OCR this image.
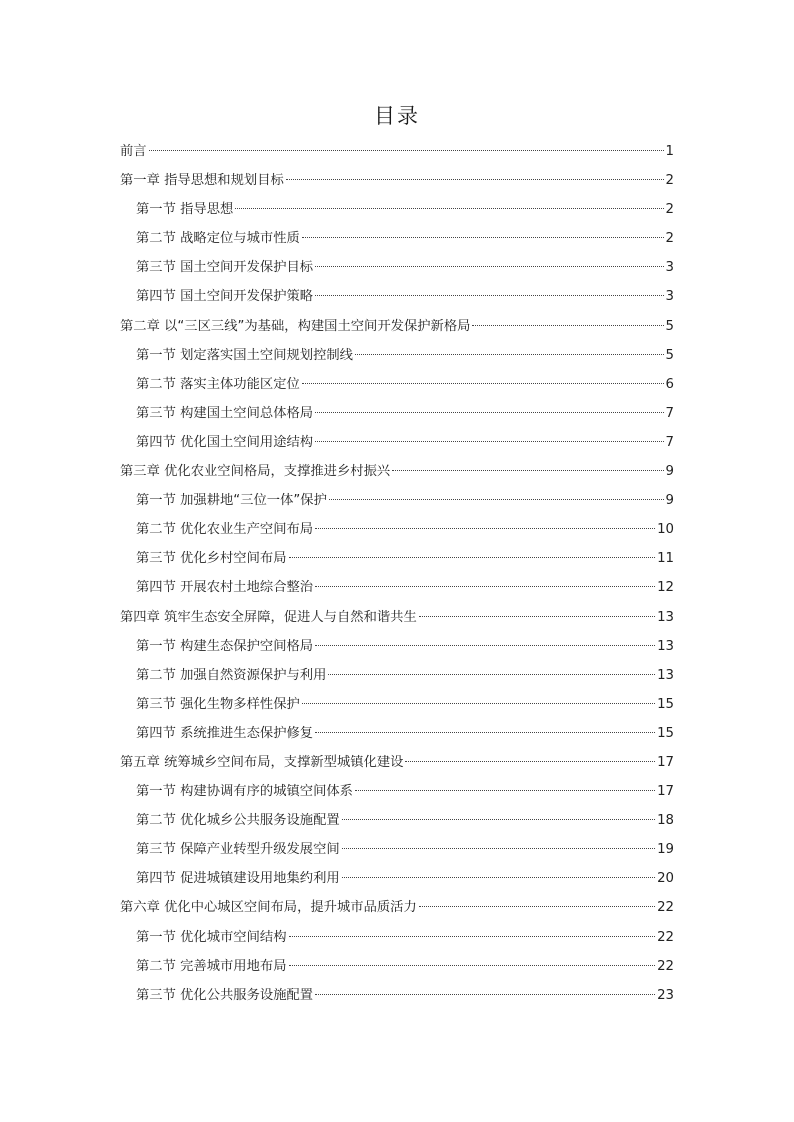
目录
前言	1
第一章 指导思想和规划目标	2
第一节 指导思想	2
第二节 战略定位与城市性质	2
第三节 国土空间开发保护目标	3
第四节 国土空间开发保护策略	3
第二章 以“三区三线”为基础，构建国土空间开发保护新格局	5
第一节 划定落实国土空间规划控制线	5
第二节 落实主体功能区定位	6
第三节 构建国土空间总体格局	7
第四节 优化国土空间用途结构	7
第三章 优化农业空间格局，支撑推进乡村振兴	9
第一节 加强耕地“三位一体”保护	9
第二节 优化农业生产空间布局	10
第三节 优化乡村空间布局	11
第四节 开展农村土地综合整治	12
第四章 筑牢生态安全屏障，促进人与自然和谐共生	13
第一节 构建生态保护空间格局	13
第二节 加强自然资源保护与利用	13
第三节 强化生物多样性保护	15
第四节 系统推进生态保护修复	15
第五章 统筹城乡空间布局，支撑新型城镇化建设	17
第一节 构建协调有序的城镇空间体系	17
第二节 优化城乡公共服务设施配置	18
第三节 保障产业转型升级发展空间	19
第四节 促进城镇建设用地集约利用	20
第六章 优化中心城区空间布局，提升城市品质活力	22
第一节 优化城市空间结构	22
第二节 完善城市用地布局	22
第三节 优化公共服务设施配置	23
